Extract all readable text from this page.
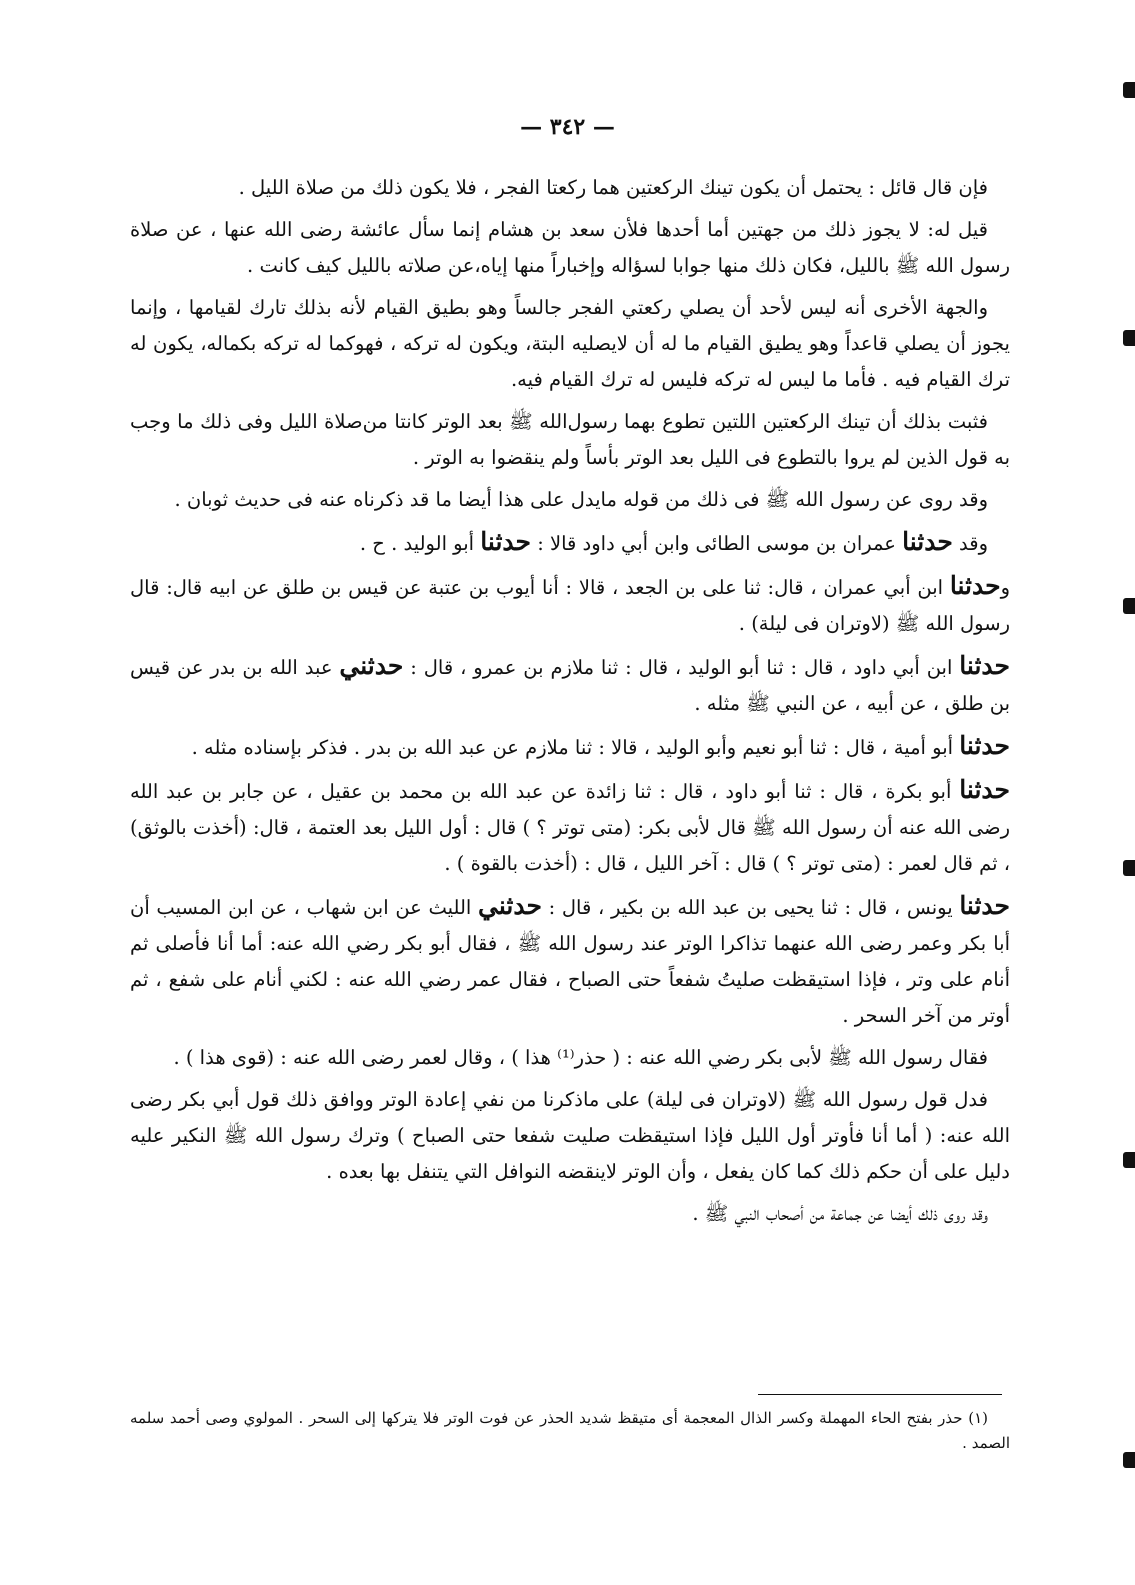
— ٣٤٢ —

فإن قال قائل : يحتمل أن يكون تينك الركعتين هما ركعتا الفجر ، فلا يكون ذلك من صلاة الليل .

قيل له: لا يجوز ذلك من جهتين أما أحدها فلأن سعد بن هشام إنما سأل عائشة رضى الله عنها ، عن صلاة رسول الله ﷺ بالليل، فكان ذلك منها جوابا لسؤاله وإخباراً منها إياه،عن صلاته بالليل كيف كانت .

والجهة الأخرى أنه ليس لأحد أن يصلي ركعتي الفجر جالساً وهو بطيق القيام لأنه بذلك تارك لقيامها ، وإنما يجوز أن يصلي قاعداً وهو يطيق القيام ما له أن لايصليه البتة، ويكون له تركه ، فهوكما له تركه بكماله، يكون له ترك القيام فيه . فأما ما ليس له تركه فليس له ترك القيام فيه.

فثبت بذلك أن تينك الركعتين اللتين تطوع بهما رسول‌الله ﷺ بعد الوتر كانتا من‌صلاة الليل وفى ذلك ما وجب به قول الذين لم يروا بالتطوع فى الليل بعد الوتر بأساً ولم ينقضوا به الوتر .

وقد روى عن رسول الله ﷺ فى ذلك من قوله مايدل على هذا أيضا ما قد ذكرناه عنه فى حديث ثوبان .

وقد حدثنا عمران بن موسى الطائى وابن أبي داود قالا : حدثنا أبو الوليد . ح .

وحدثنا ابن أبي عمران ، قال: ثنا على بن الجعد ، قالا : أنا أيوب بن عتبة عن قيس بن طلق عن ابيه قال: قال رسول الله ﷺ (لاوتران فى ليلة) .

حدثنا ابن أبي داود ، قال : ثنا أبو الوليد ، قال : ثنا ملازم بن عمرو ، قال : حدثني عبد الله بن بدر عن قيس بن طلق ، عن أبيه ، عن النبي ﷺ مثله .

حدثنا أبو أمية ، قال : ثنا أبو نعيم وأبو الوليد ، قالا : ثنا ملازم عن عبد الله بن بدر . فذكر بإسناده مثله .

حدثنا أبو بكرة ، قال : ثنا أبو داود ، قال : ثنا زائدة عن عبد الله بن محمد بن عقيل ، عن جابر بن عبد الله رضى الله عنه أن رسول الله ﷺ قال لأبى بكر: (متى توتر ؟ ) قال : أول الليل بعد العتمة ، قال: (أخذت بالوثق) ، ثم قال لعمر : (متى توتر ؟ ) قال : آخر الليل ، قال : (أخذت بالقوة ) .

حدثنا يونس ، قال : ثنا يحيى بن عبد الله بن بكير ، قال : حدثني الليث عن ابن شهاب ، عن ابن المسيب أن أبا بكر وعمر رضى الله عنهما تذاكرا الوتر عند رسول الله ﷺ ، فقال أبو بكر رضي الله عنه: أما أنا فأصلى ثم أنام على وتر ، فإذا استيقظت صليتُ شفعاً حتى الصباح ، فقال عمر رضي الله عنه : لكني أنام على شفع ، ثم أوتر من آخر السحر .

فقال رسول الله ﷺ لأبى بكر رضي الله عنه : ( حذر⁽¹⁾ هذا ) ، وقال لعمر رضى الله عنه : (قوى هذا ) .

فدل قول رسول الله ﷺ (لاوتران فى ليلة) على ماذكرنا من نفي إعادة الوتر ووافق ذلك قول أبي بكر رضى الله عنه: ( أما أنا فأوتر أول الليل فإذا استيقظت صليت شفعا حتى الصباح ) وترك رسول الله ﷺ النكير عليه دليل على أن حكم ذلك كما كان يفعل ، وأن الوتر لاينقضه النوافل التي يتنفل بها بعده .

وقد روى ذلك أيضا عن جماعة من أصحاب النبي ﷺ .

(١) حذر بفتح الحاء المهملة وكسر الذال المعجمة أى متيقظ شديد الحذر عن فوت الوتر فلا يتركها إلى السحر . المولوي وصى أحمد سلمه الصمد .
